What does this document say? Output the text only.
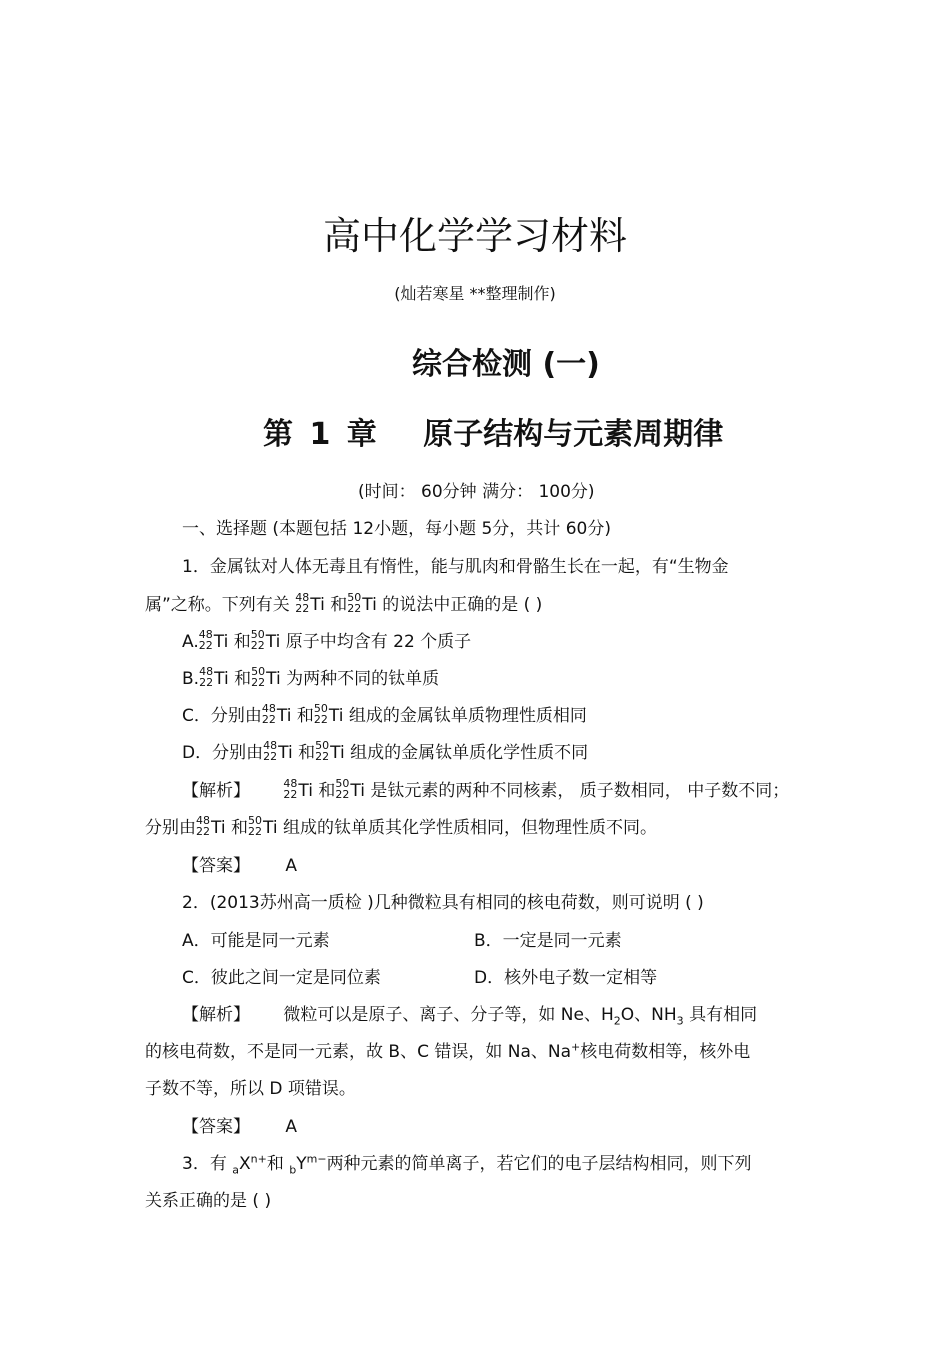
高中化学学习材料
(灿若寒星 **整理制作)
综合检测 (一)
第 1 章 原子结构与元素周期律
(时间： 60分钟 满分： 100分)
一、选择题 (本题包括 12小题，每小题 5分，共计 60分)
1．金属钛对人体无毒且有惰性，能与肌肉和骨骼生长在一起，有“生物金
属”之称。下列有关 48
22 Ti 和 50
22 Ti 的说法中正确的是 ( )
A. 48
22 Ti 和 50
22 Ti 原子中均含有 22 个质子
B. 48
22 Ti 和 50
22 Ti 为两种不同的钛单质
C．分别由 48
22 Ti 和 50
22 Ti 组成的金属钛单质物理性质相同
D．分别由 48
22 Ti 和 50
22 Ti 组成的金属钛单质化学性质不同
【解析】	48
22 Ti 和 50
22 Ti 是钛元素的两种不同核素， 质子数相同， 中子数不同；
分别由 48
22 Ti 和 50
22 Ti 组成的钛单质其化学性质相同，但物理性质不同。
【答案】 A
2．(2013苏州高一质检 )几种微粒具有相同的核电荷数，则可说明 ( )
A．可能是同一元素	B．一定是同一元素
C．彼此之间一定是同位素	D．核外电子数一定相等
【解析】 微粒可以是原子、离子、分子等，如 Ne、$H_2O$、$NH_3$ 具有相同
的核电荷数，不是同一元素，故 B、C 错误，如 Na、Na+核电荷数相等，核外电
子数不等，所以 D 项错误。
【答案】 A
3．有 $_aX^{n+}$和 $_bY^{m-}$两种元素的简单离子，若它们的电子层结构相同，则下列
关系正确的是 ( )
